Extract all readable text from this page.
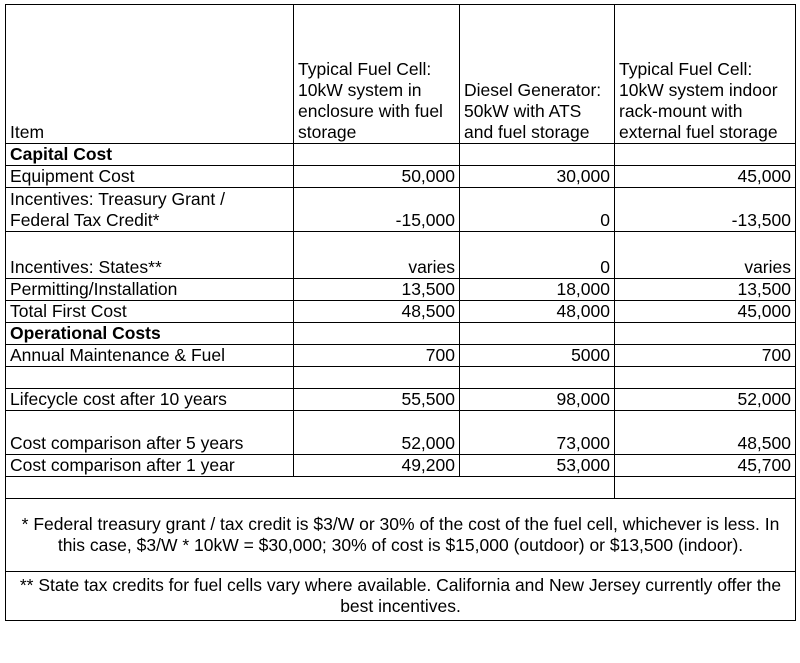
Item	Typical Fuel Cell: 10kW system in enclosure with fuel storage	Diesel Generator: 50kW with ATS and fuel storage	Typical Fuel Cell: 10kW system indoor rack-mount with external fuel storage
Capital Cost			
Equipment Cost	50,000	30,000	45,000
Incentives: Treasury Grant / Federal Tax Credit*	-15,000	0	-13,500
Incentives: States**	varies	0	varies
Permitting/Installation	13,500	18,000	13,500
Total First Cost	48,500	48,000	45,000
Operational Costs			
Annual Maintenance & Fuel	700	5000	700

Lifecycle cost after 10 years	55,500	98,000	52,000
Cost comparison after 5 years	52,000	73,000	48,500
Cost comparison after 1 year	49,200	53,000	45,700

* Federal treasury grant / tax credit is $3/W or 30% of the cost of the fuel cell, whichever is less. In this case, $3/W * 10kW = $30,000; 30% of cost is $15,000 (outdoor) or $13,500 (indoor).			
** State tax credits for fuel cells vary where available. California and New Jersey currently offer the best incentives.			
